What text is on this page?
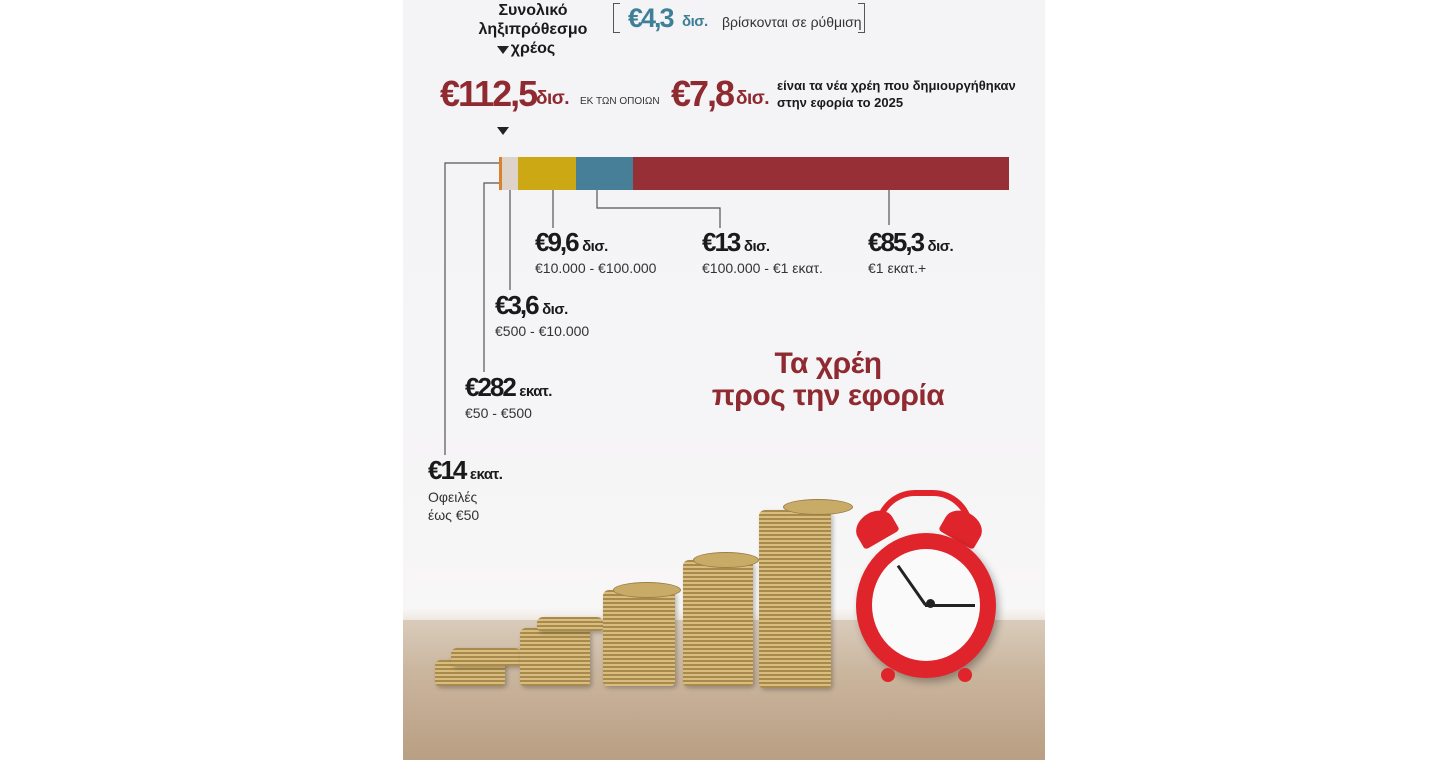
Συνολικό
ληξιπρόθεσμο χρέος
€4,3 δισ. βρίσκονται σε ρύθμιση
€112,5 δισ. ΕΚ ΤΩΝ ΟΠΟΙΩΝ €7,8 δισ.
είναι τα νέα χρέη που δημιουργήθηκαν
στην εφορία το 2025
€14 εκατ.
Οφειλές
έως €50
€282 εκατ.
€50 - €500
€3,6 δισ.
€500 - €10.000
€9,6 δισ.
€10.000 - €100.000
€13 δισ.
€100.000 - €1 εκατ.
€85,3 δισ.
€1 εκατ.+
Τα χρέη
προς την εφορία
